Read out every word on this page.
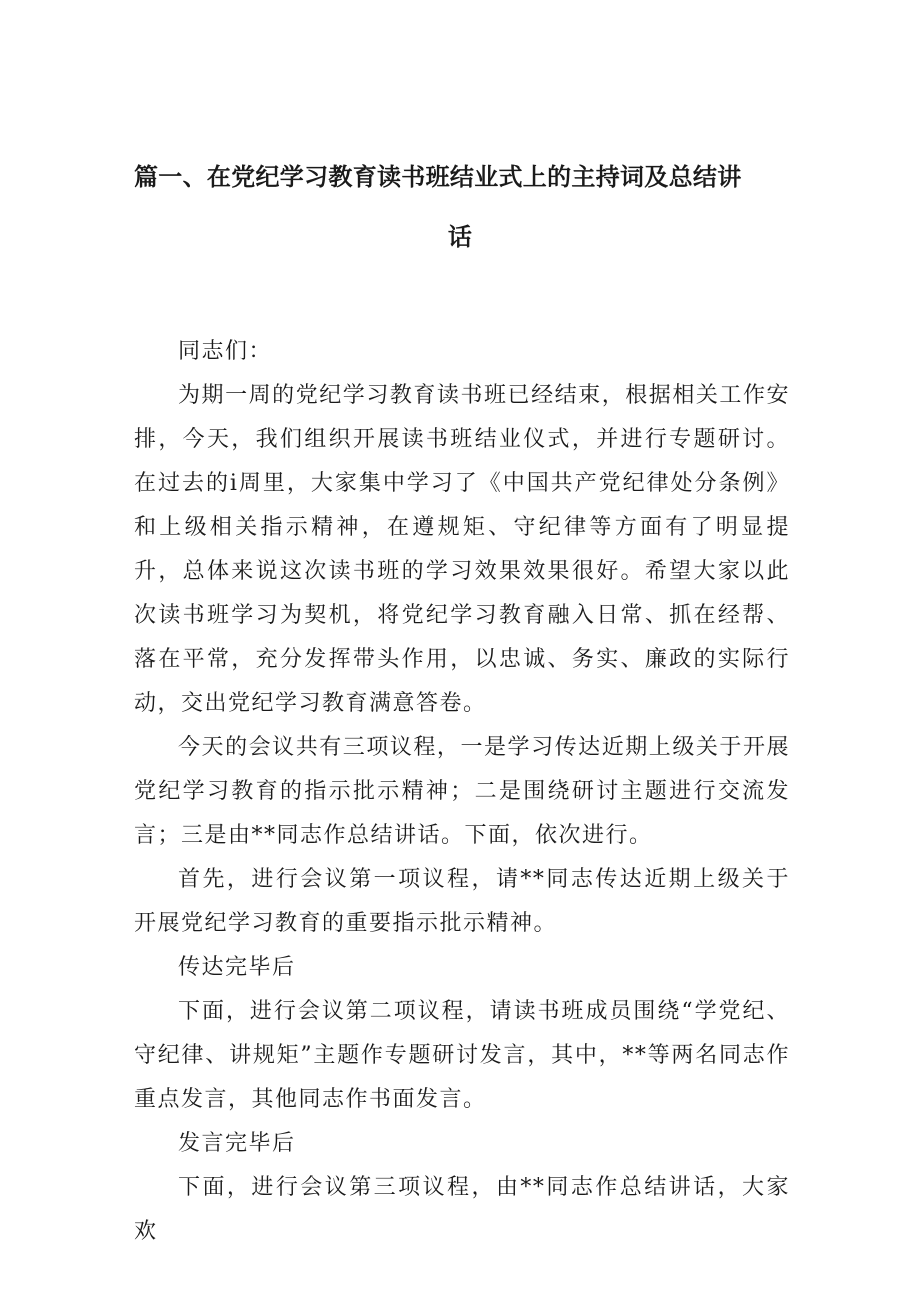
篇一、在党纪学习教育读书班结业式上的主持词及总结讲
话

同志们：

为期一周的党纪学习教育读书班已经结束，根据相关工作安排，今天，我们组织开展读书班结业仪式，并进行专题研讨。在过去的i周里，大家集中学习了《中国共产党纪律处分条例》和上级相关指示精神，在遵规矩、守纪律等方面有了明显提升，总体来说这次读书班的学习效果效果很好。希望大家以此次读书班学习为契机，将党纪学习教育融入日常、抓在经帮、落在平常，充分发挥带头作用，以忠诚、务实、廉政的实际行动，交出党纪学习教育满意答卷。

今天的会议共有三项议程，一是学习传达近期上级关于开展党纪学习教育的指示批示精神；二是围绕研讨主题进行交流发言；三是由**同志作总结讲话。下面，依次进行。

首先，进行会议第一项议程，请**同志传达近期上级关于开展党纪学习教育的重要指示批示精神。

传达完毕后

下面，进行会议第二项议程，请读书班成员围绕“学党纪、守纪律、讲规矩”主题作专题研讨发言，其中，**等两名同志作重点发言，其他同志作书面发言。

发言完毕后

下面，进行会议第三项议程，由**同志作总结讲话，大家欢
